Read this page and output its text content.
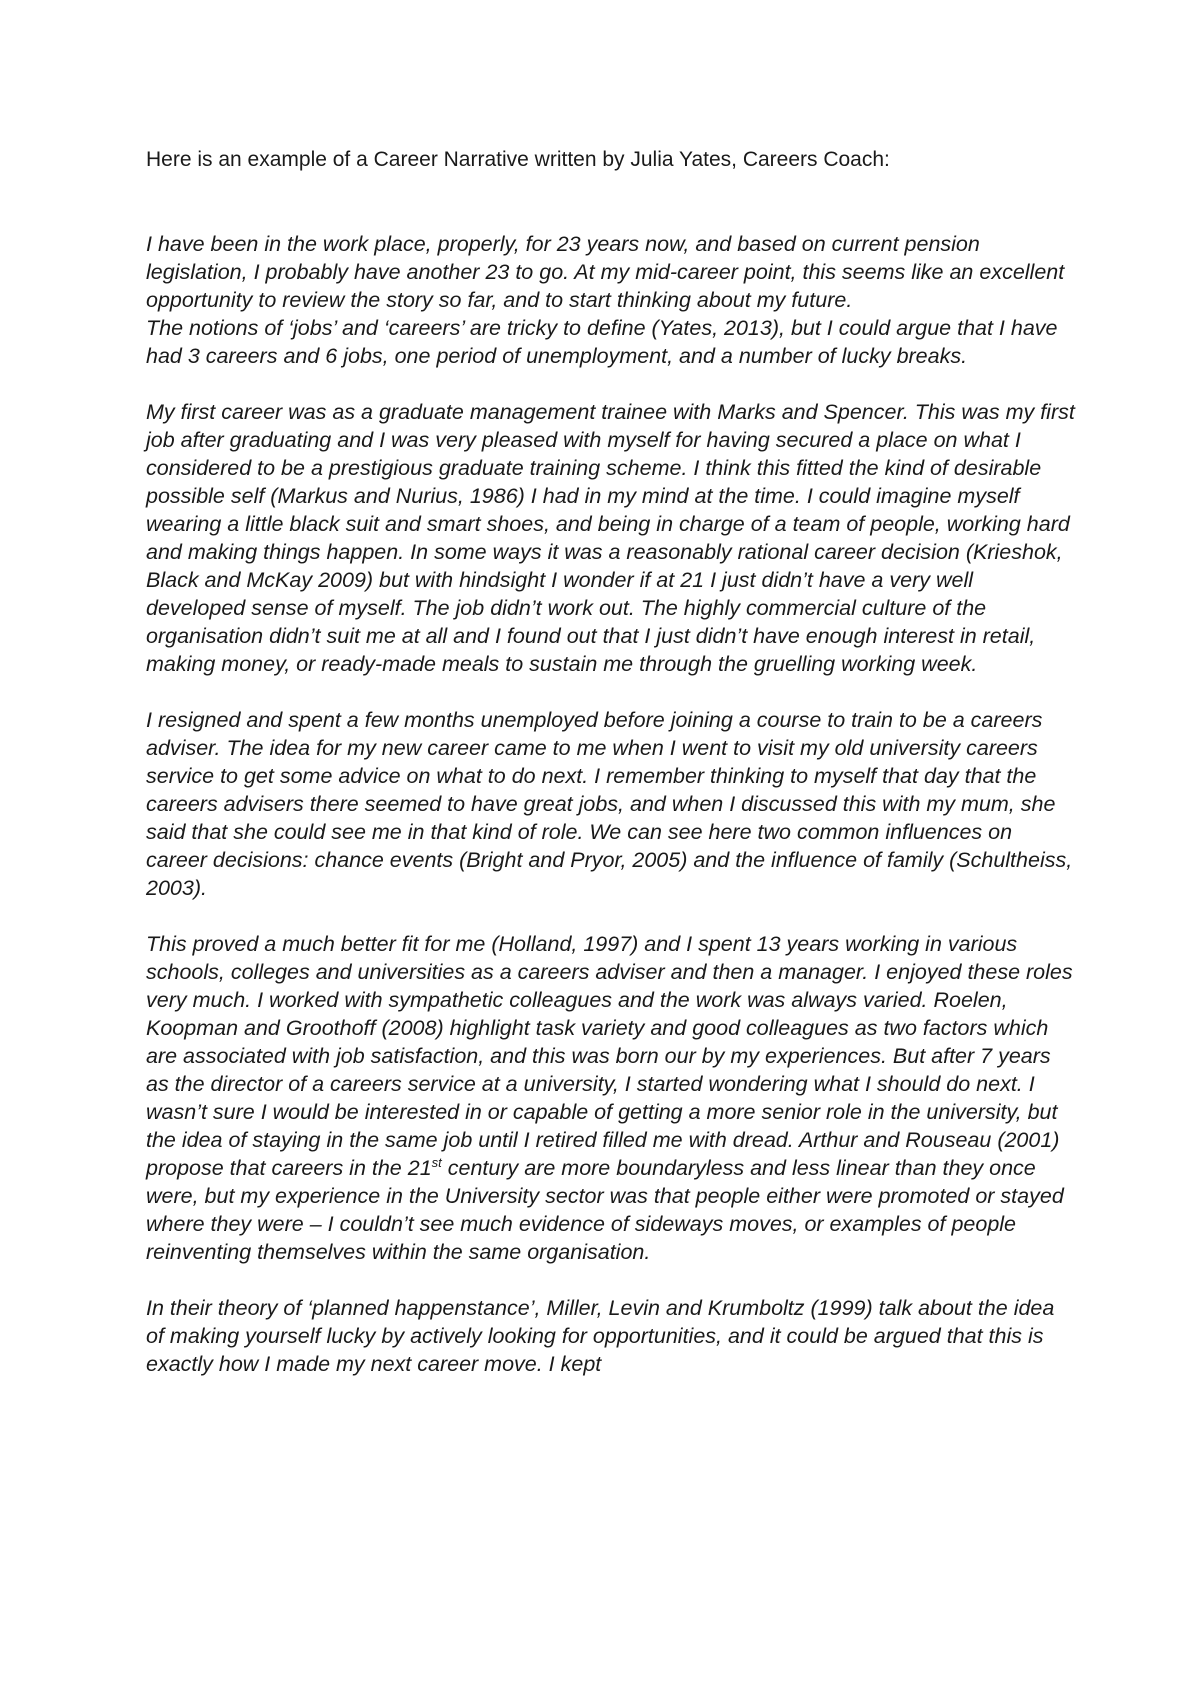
Here is an example of a Career Narrative written by Julia Yates, Careers Coach:

I have been in the work place, properly, for 23 years now, and based on current pension legislation, I probably have another 23 to go. At my mid-career point, this seems like an excellent opportunity to review the story so far, and to start thinking about my future.

The notions of ‘jobs’ and ‘careers’ are tricky to define (Yates, 2013), but I could argue that I have had 3 careers and 6 jobs, one period of unemployment, and a number of lucky breaks.

My first career was as a graduate management trainee with Marks and Spencer. This was my first job after graduating and I was very pleased with myself for having secured a place on what I considered to be a prestigious graduate training scheme. I think this fitted the kind of desirable possible self (Markus and Nurius, 1986) I had in my mind at the time. I could imagine myself wearing a little black suit and smart shoes, and being in charge of a team of people, working hard and making things happen. In some ways it was a reasonably rational career decision (Krieshok, Black and McKay 2009) but with hindsight I wonder if at 21 I just didn’t have a very well developed sense of myself. The job didn’t work out. The highly commercial culture of the organisation didn’t suit me at all and I found out that I just didn’t have enough interest in retail, making money, or ready-made meals to sustain me through the gruelling working week.

I resigned and spent a few months unemployed before joining a course to train to be a careers adviser. The idea for my new career came to me when I went to visit my old university careers service to get some advice on what to do next. I remember thinking to myself that day that the careers advisers there seemed to have great jobs, and when I discussed this with my mum, she said that she could see me in that kind of role. We can see here two common influences on career decisions: chance events (Bright and Pryor, 2005) and the influence of family (Schultheiss, 2003).

This proved a much better fit for me (Holland, 1997) and I spent 13 years working in various schools, colleges and universities as a careers adviser and then a manager. I enjoyed these roles very much. I worked with sympathetic colleagues and the work was always varied. Roelen, Koopman and Groothoff (2008) highlight task variety and good colleagues as two factors which are associated with job satisfaction, and this was born our by my experiences. But after 7 years as the director of a careers service at a university, I started wondering what I should do next. I wasn’t sure I would be interested in or capable of getting a more senior role in the university, but the idea of staying in the same job until I retired filled me with dread. Arthur and Rouseau (2001) propose that careers in the 21st century are more boundaryless and less linear than they once were, but my experience in the University sector was that people either were promoted or stayed where they were – I couldn’t see much evidence of sideways moves, or examples of people reinventing themselves within the same organisation.

In their theory of ‘planned happenstance’, Miller, Levin and Krumboltz (1999) talk about the idea of making yourself lucky by actively looking for opportunities, and it could be argued that this is exactly how I made my next career move. I kept
